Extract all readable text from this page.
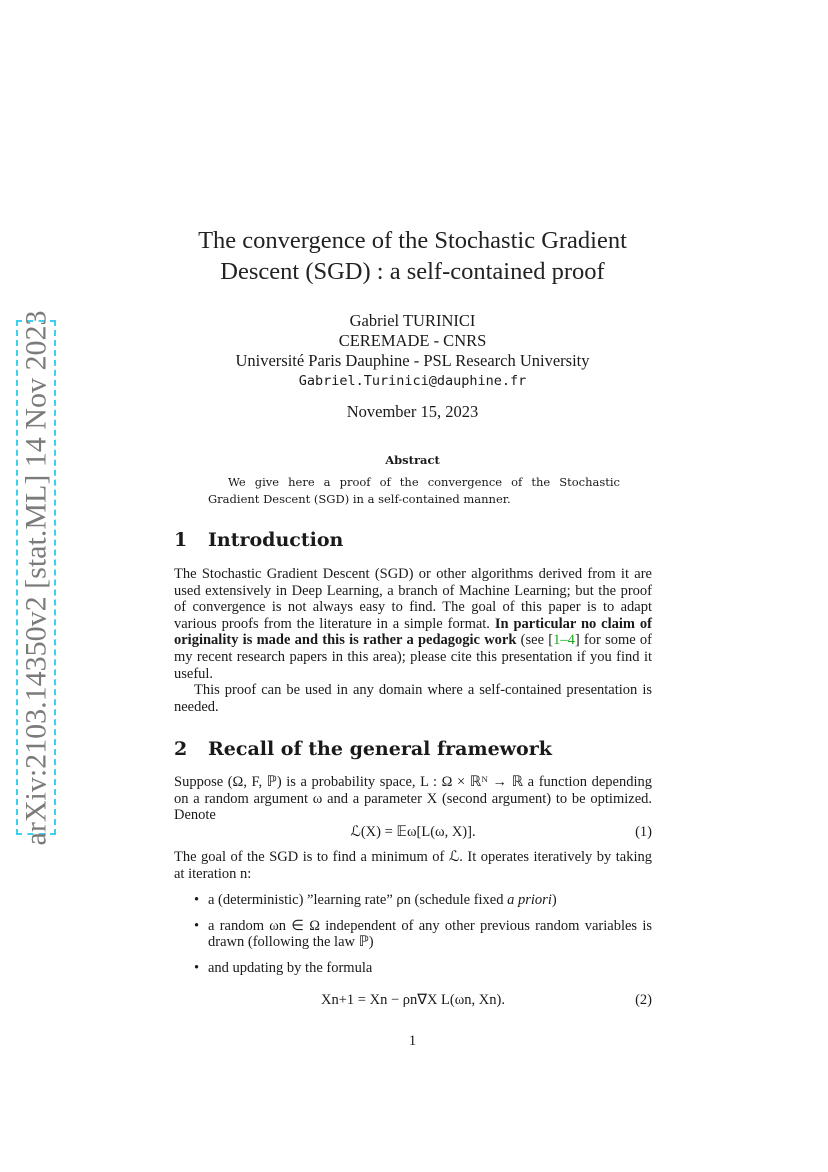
arXiv:2103.14350v2 [stat.ML] 14 Nov 2023
The convergence of the Stochastic Gradient
Descent (SGD) : a self-contained proof
Gabriel TURINICI
CEREMADE - CNRS
Université Paris Dauphine - PSL Research University
Gabriel.Turinici@dauphine.fr
November 15, 2023
Abstract

We give here a proof of the convergence of the Stochastic Gradient Descent (SGD) in a self-contained manner.

1 Introduction

The Stochastic Gradient Descent (SGD) or other algorithms derived from it are used extensively in Deep Learning, a branch of Machine Learning; but the proof of convergence is not always easy to find. The goal of this paper is to adapt various proofs from the literature in a simple format. In particular no claim of originality is made and this is rather a pedagogic work (see [1–4] for some of my recent research papers in this area); please cite this presentation if you find it useful.

This proof can be used in any domain where a self-contained presentation is needed.

2 Recall of the general framework

Suppose (Ω, F, ℙ) is a probability space, L : Ω × ℝᴺ → ℝ a function depending on a random argument ω and a parameter X (second argument) to be optimized. Denote

ℒ(X) = 𝔼ω[L(ω, X)].	(1)

The goal of the SGD is to find a minimum of ℒ. It operates iteratively by taking at iteration n:

• a (deterministic) ”learning rate” ρn (schedule fixed a priori)
• a random ωn ∈ Ω independent of any other previous random variables is drawn (following the law ℙ)
• and updating by the formula
Xn+1 = Xn − ρn∇X L(ωn, Xn).	(2)
1
